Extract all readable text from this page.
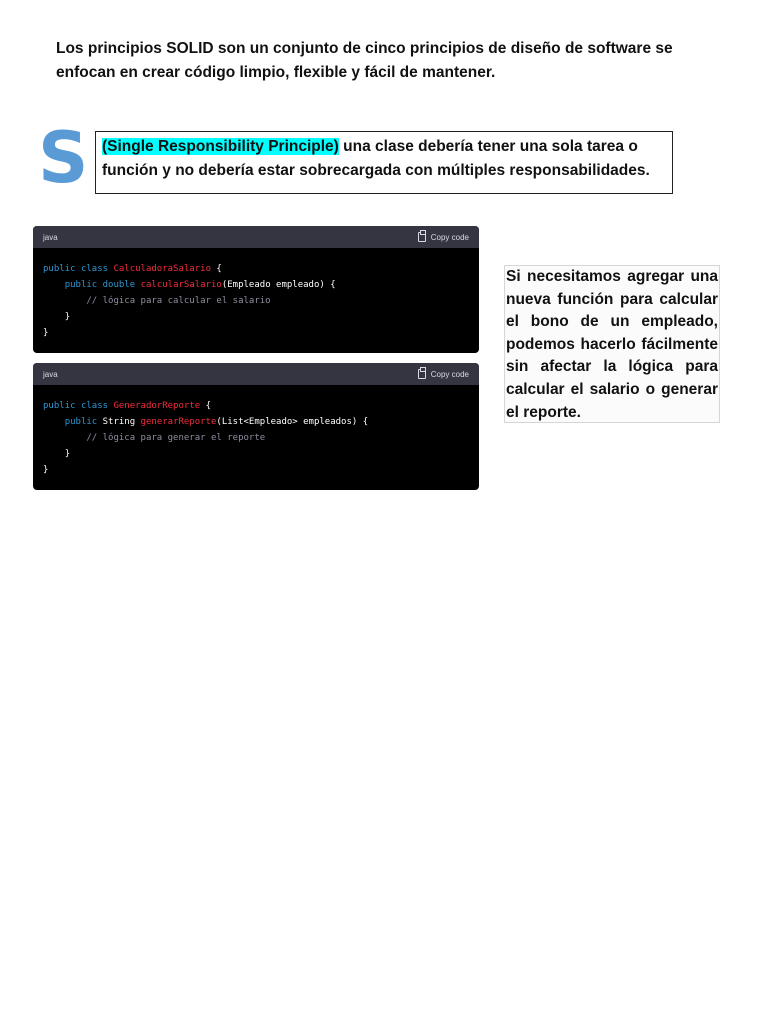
Los principios SOLID son un conjunto de cinco principios de diseño de software se enfocan en crear código limpio, flexible y fácil de mantener.

S (Single Responsibility Principle) una clase debería tener una sola tarea o función y no debería estar sobrecargada con múltiples responsabilidades.
java	Copy code
public class CalculadoraSalario {
public double calcularSalario(Empleado empleado) {
// lógica para calcular el salario
}
}
java	Copy code
public class GeneradorReporte {
public String generarReporte(List<Empleado> empleados) {
// lógica para generar el reporte
}
}
Si necesitamos agregar una nueva función para calcular el bono de un empleado, podemos hacerlo fácilmente sin afectar la lógica para calcular el salario o generar el reporte.
